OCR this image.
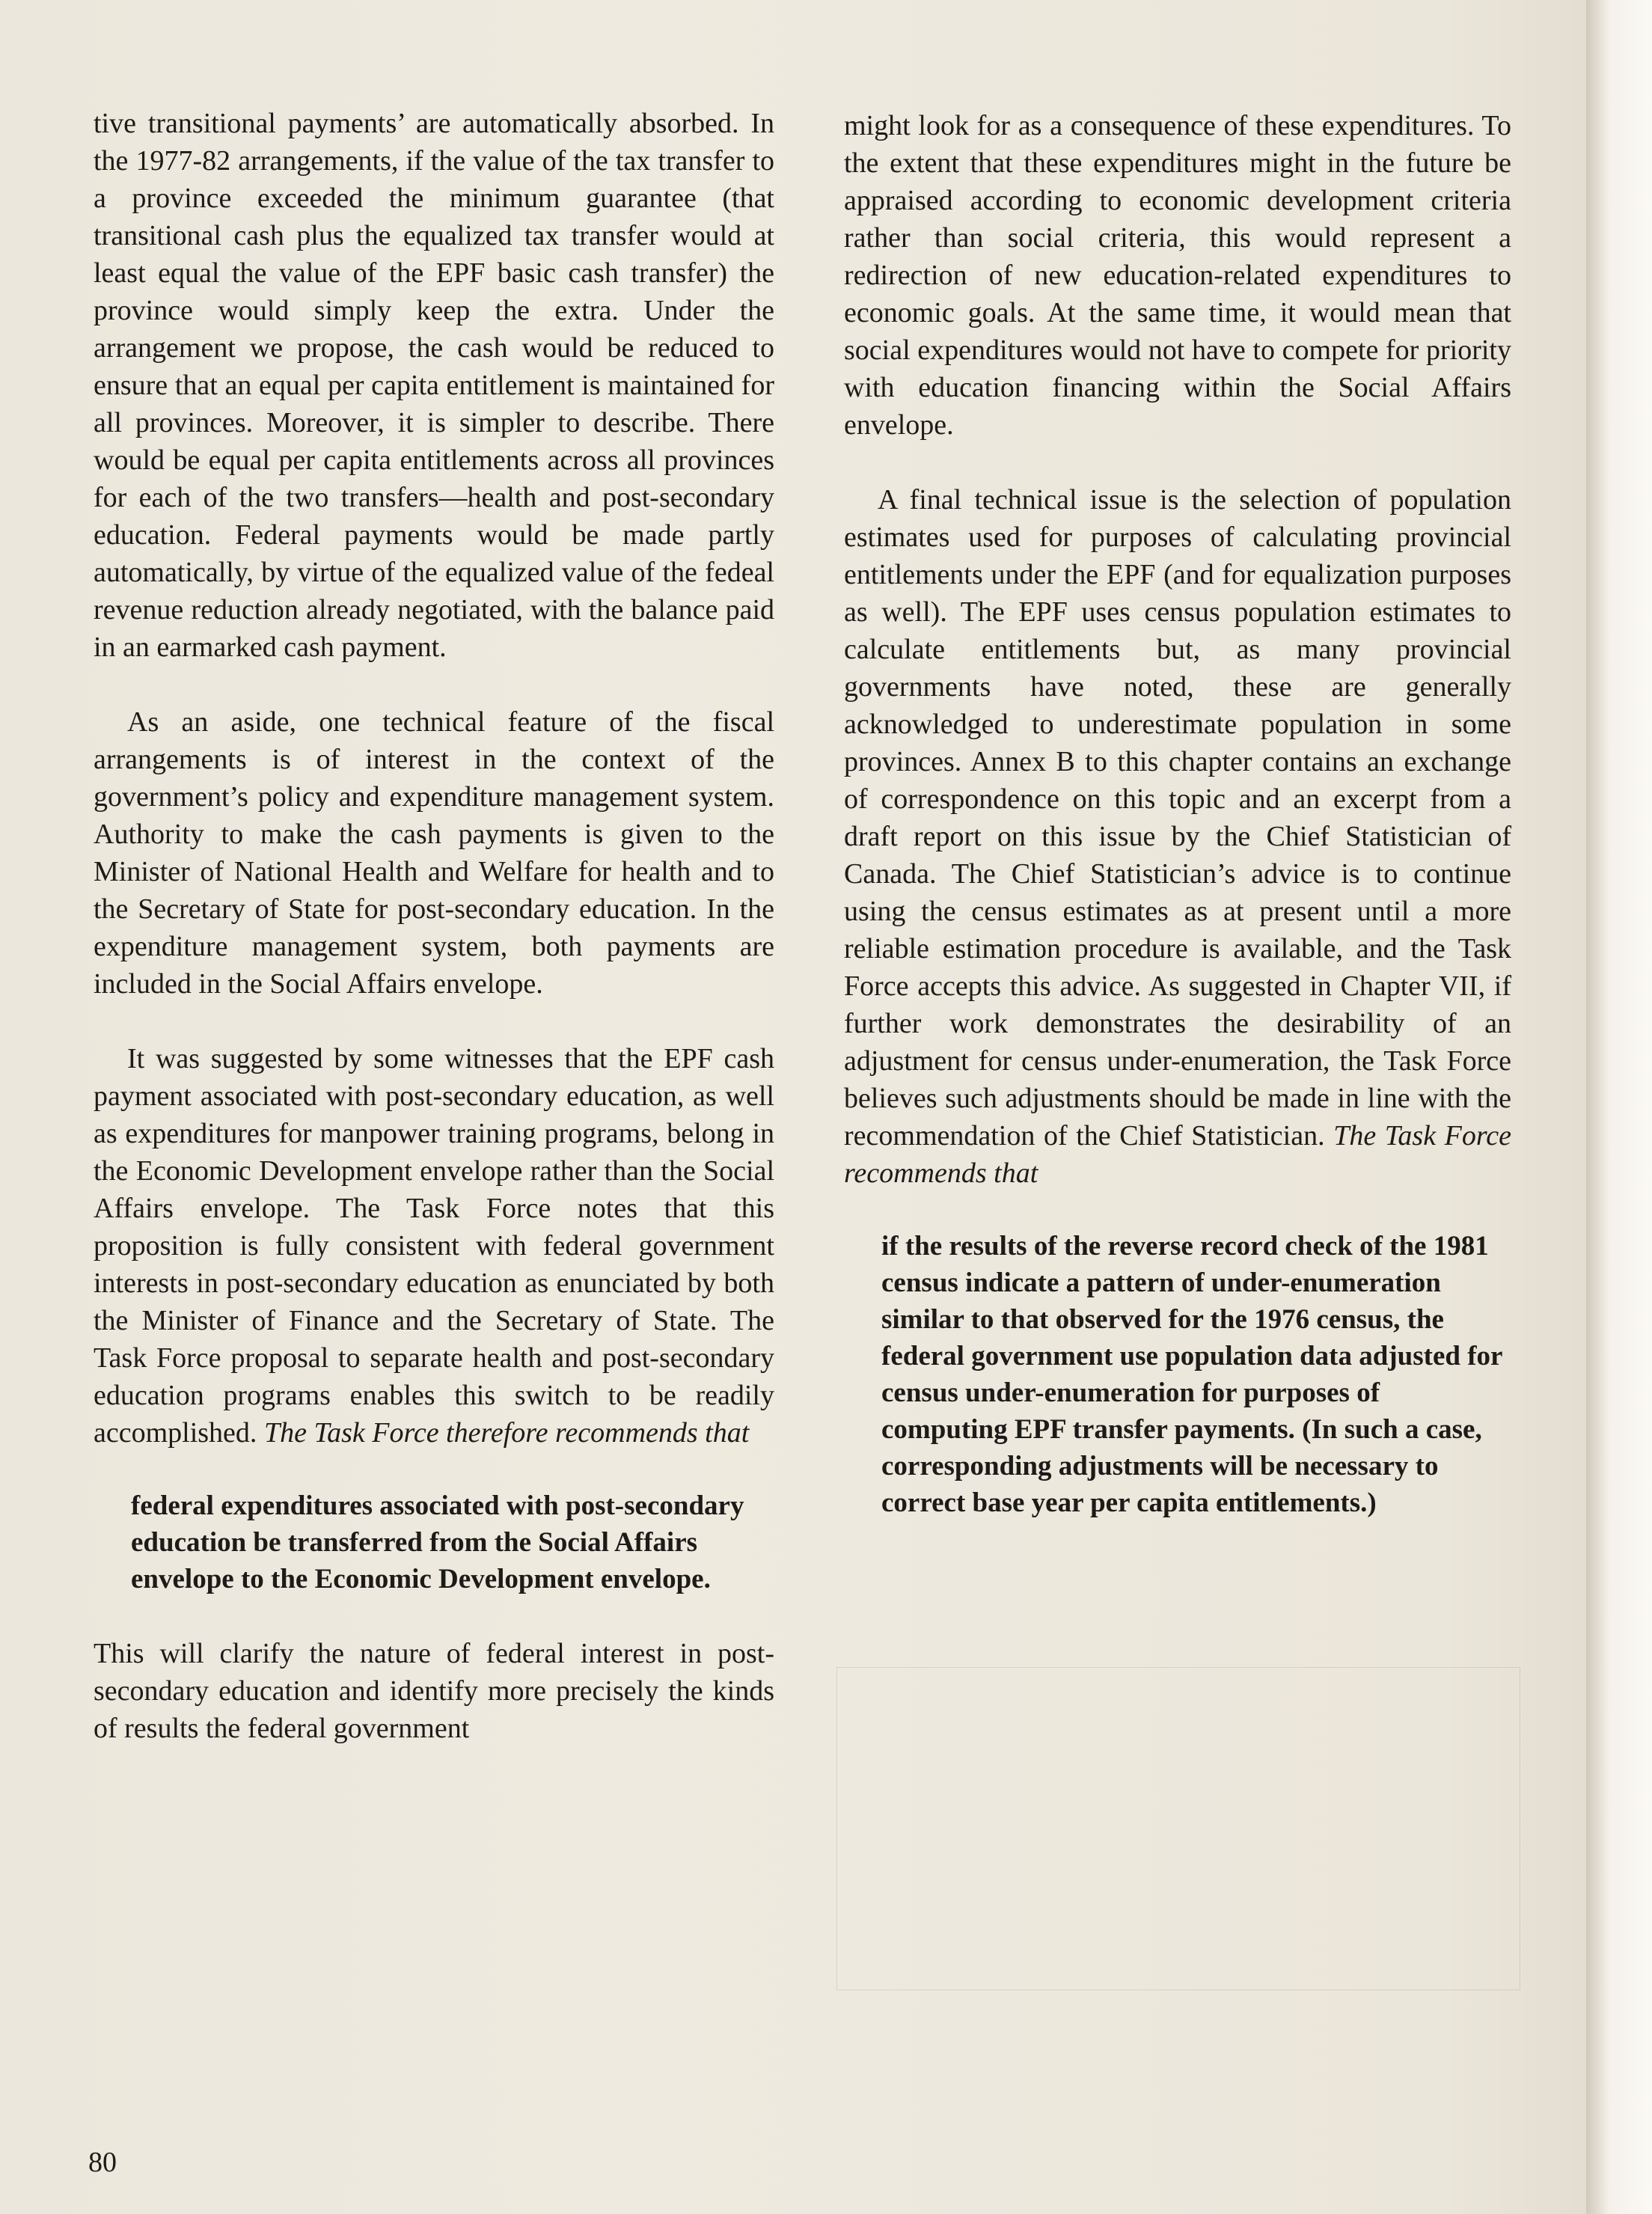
tive transitional payments’ are automatically absorbed. In the 1977-82 arrangements, if the value of the tax transfer to a province exceeded the minimum guarantee (that transitional cash plus the equalized tax transfer would at least equal the value of the EPF basic cash transfer) the province would simply keep the extra. Under the arrangement we propose, the cash would be reduced to ensure that an equal per capita entitlement is maintained for all provinces. Moreover, it is simpler to describe. There would be equal per capita entitlements across all provinces for each of the two transfers—health and post-secondary education. Federal payments would be made partly automatically, by virtue of the equalized value of the fedeal revenue reduction already negotiated, with the balance paid in an earmarked cash payment.

As an aside, one technical feature of the fiscal arrangements is of interest in the context of the government’s policy and expenditure management system. Authority to make the cash payments is given to the Minister of National Health and Welfare for health and to the Secretary of State for post-secondary education. In the expenditure management system, both payments are included in the Social Affairs envelope.

It was suggested by some witnesses that the EPF cash payment associated with post-secondary education, as well as expenditures for manpower training programs, belong in the Economic Development envelope rather than the Social Affairs envelope. The Task Force notes that this proposition is fully consistent with federal government interests in post-secondary education as enunciated by both the Minister of Finance and the Secretary of State. The Task Force proposal to separate health and post-secondary education programs enables this switch to be readily accomplished. The Task Force therefore recommends that

federal expenditures associated with post-secondary education be transferred from the Social Affairs envelope to the Economic Development envelope.

This will clarify the nature of federal interest in post-secondary education and identify more precisely the kinds of results the federal government

might look for as a consequence of these expenditures. To the extent that these expenditures might in the future be appraised according to economic development criteria rather than social criteria, this would represent a redirection of new education-related expenditures to economic goals. At the same time, it would mean that social expenditures would not have to compete for priority with education financing within the Social Affairs envelope.

A final technical issue is the selection of population estimates used for purposes of calculating provincial entitlements under the EPF (and for equalization purposes as well). The EPF uses census population estimates to calculate entitlements but, as many provincial governments have noted, these are generally acknowledged to underestimate population in some provinces. Annex B to this chapter contains an exchange of correspondence on this topic and an excerpt from a draft report on this issue by the Chief Statistician of Canada. The Chief Statistician’s advice is to continue using the census estimates as at present until a more reliable estimation procedure is available, and the Task Force accepts this advice. As suggested in Chapter VII, if further work demonstrates the desirability of an adjustment for census under-enumeration, the Task Force believes such adjustments should be made in line with the recommendation of the Chief Statistician. The Task Force recommends that

if the results of the reverse record check of the 1981 census indicate a pattern of under-enumeration similar to that observed for the 1976 census, the federal government use population data adjusted for census under-enumeration for purposes of computing EPF transfer payments. (In such a case, corresponding adjustments will be necessary to correct base year per capita entitlements.)

80
